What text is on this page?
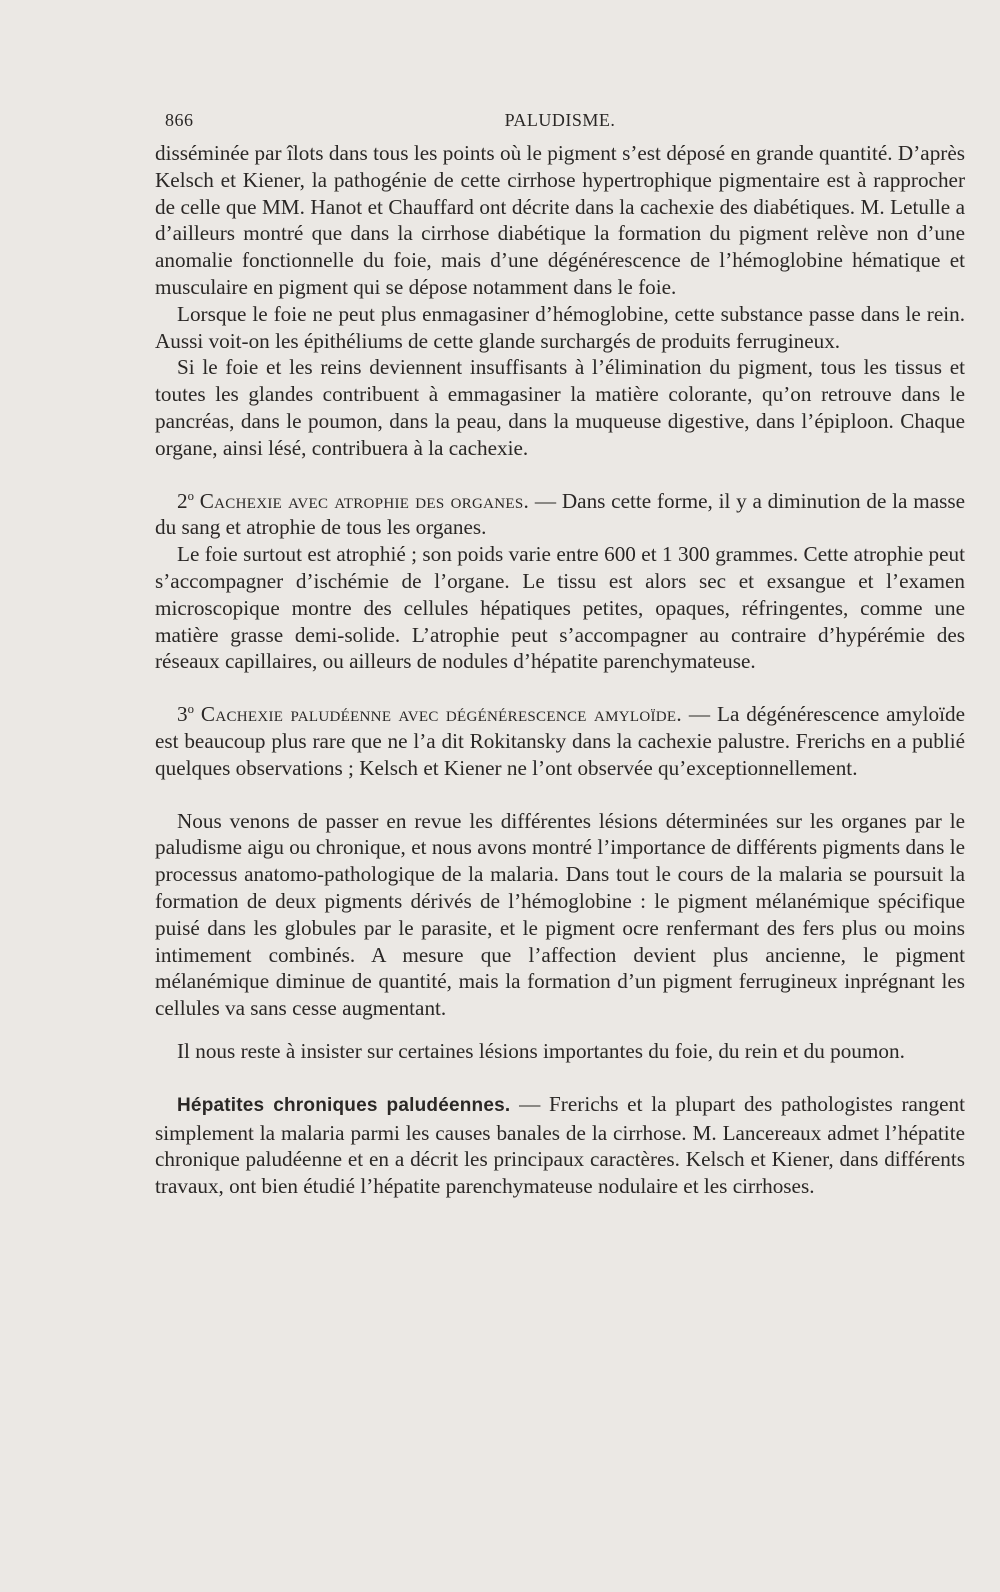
866	PALUDISME.

disséminée par îlots dans tous les points où le pigment s’est déposé en grande quantité. D’après Kelsch et Kiener, la pathogénie de cette cirrhose hypertrophique pigmentaire est à rapprocher de celle que MM. Hanot et Chauffard ont décrite dans la cachexie des diabétiques. M. Letulle a d’ailleurs montré que dans la cirrhose diabétique la formation du pigment relève non d’une anomalie fonctionnelle du foie, mais d’une dégénérescence de l’hémoglobine hématique et musculaire en pigment qui se dépose notamment dans le foie.

Lorsque le foie ne peut plus enmagasiner d’hémoglobine, cette substance passe dans le rein. Aussi voit-on les épithéliums de cette glande surchargés de produits ferrugineux.

Si le foie et les reins deviennent insuffisants à l’élimination du pigment, tous les tissus et toutes les glandes contribuent à emmagasiner la matière colorante, qu’on retrouve dans le pancréas, dans le poumon, dans la peau, dans la muqueuse digestive, dans l’épiploon. Chaque organe, ainsi lésé, contribuera à la cachexie.

2$^o$ Cachexie avec atrophie des organes. — Dans cette forme, il y a diminution de la masse du sang et atrophie de tous les organes.

Le foie surtout est atrophié ; son poids varie entre 600 et 1 300 grammes. Cette atrophie peut s’accompagner d’ischémie de l’organe. Le tissu est alors sec et exsangue et l’examen microscopique montre des cellules hépatiques petites, opaques, réfringentes, comme une matière grasse demi-solide. L’atrophie peut s’accompagner au contraire d’hypérémie des réseaux capillaires, ou ailleurs de nodules d’hépatite parenchymateuse.

3$^o$ Cachexie paludéenne avec dégénérescence amyloïde. — La dégénérescence amyloïde est beaucoup plus rare que ne l’a dit Rokitansky dans la cachexie palustre. Frerichs en a publié quelques observations ; Kelsch et Kiener ne l’ont observée qu’exceptionnellement.

Nous venons de passer en revue les différentes lésions déterminées sur les organes par le paludisme aigu ou chronique, et nous avons montré l’importance de différents pigments dans le processus anatomo-pathologique de la malaria. Dans tout le cours de la malaria se poursuit la formation de deux pigments dérivés de l’hémoglobine : le pigment mélanémique spécifique puisé dans les globules par le parasite, et le pigment ocre renfermant des fers plus ou moins intimement combinés. A mesure que l’affection devient plus ancienne, le pigment mélanémique diminue de quantité, mais la formation d’un pigment ferrugineux inprégnant les cellules va sans cesse augmentant.

Il nous reste à insister sur certaines lésions importantes du foie, du rein et du poumon.

Hépatites chroniques paludéennes. — Frerichs et la plupart des pathologistes rangent simplement la malaria parmi les causes banales de la cirrhose. M. Lancereaux admet l’hépatite chronique paludéenne et en a décrit les principaux caractères. Kelsch et Kiener, dans différents travaux, ont bien étudié l’hépatite parenchymateuse nodulaire et les cirrhoses.
